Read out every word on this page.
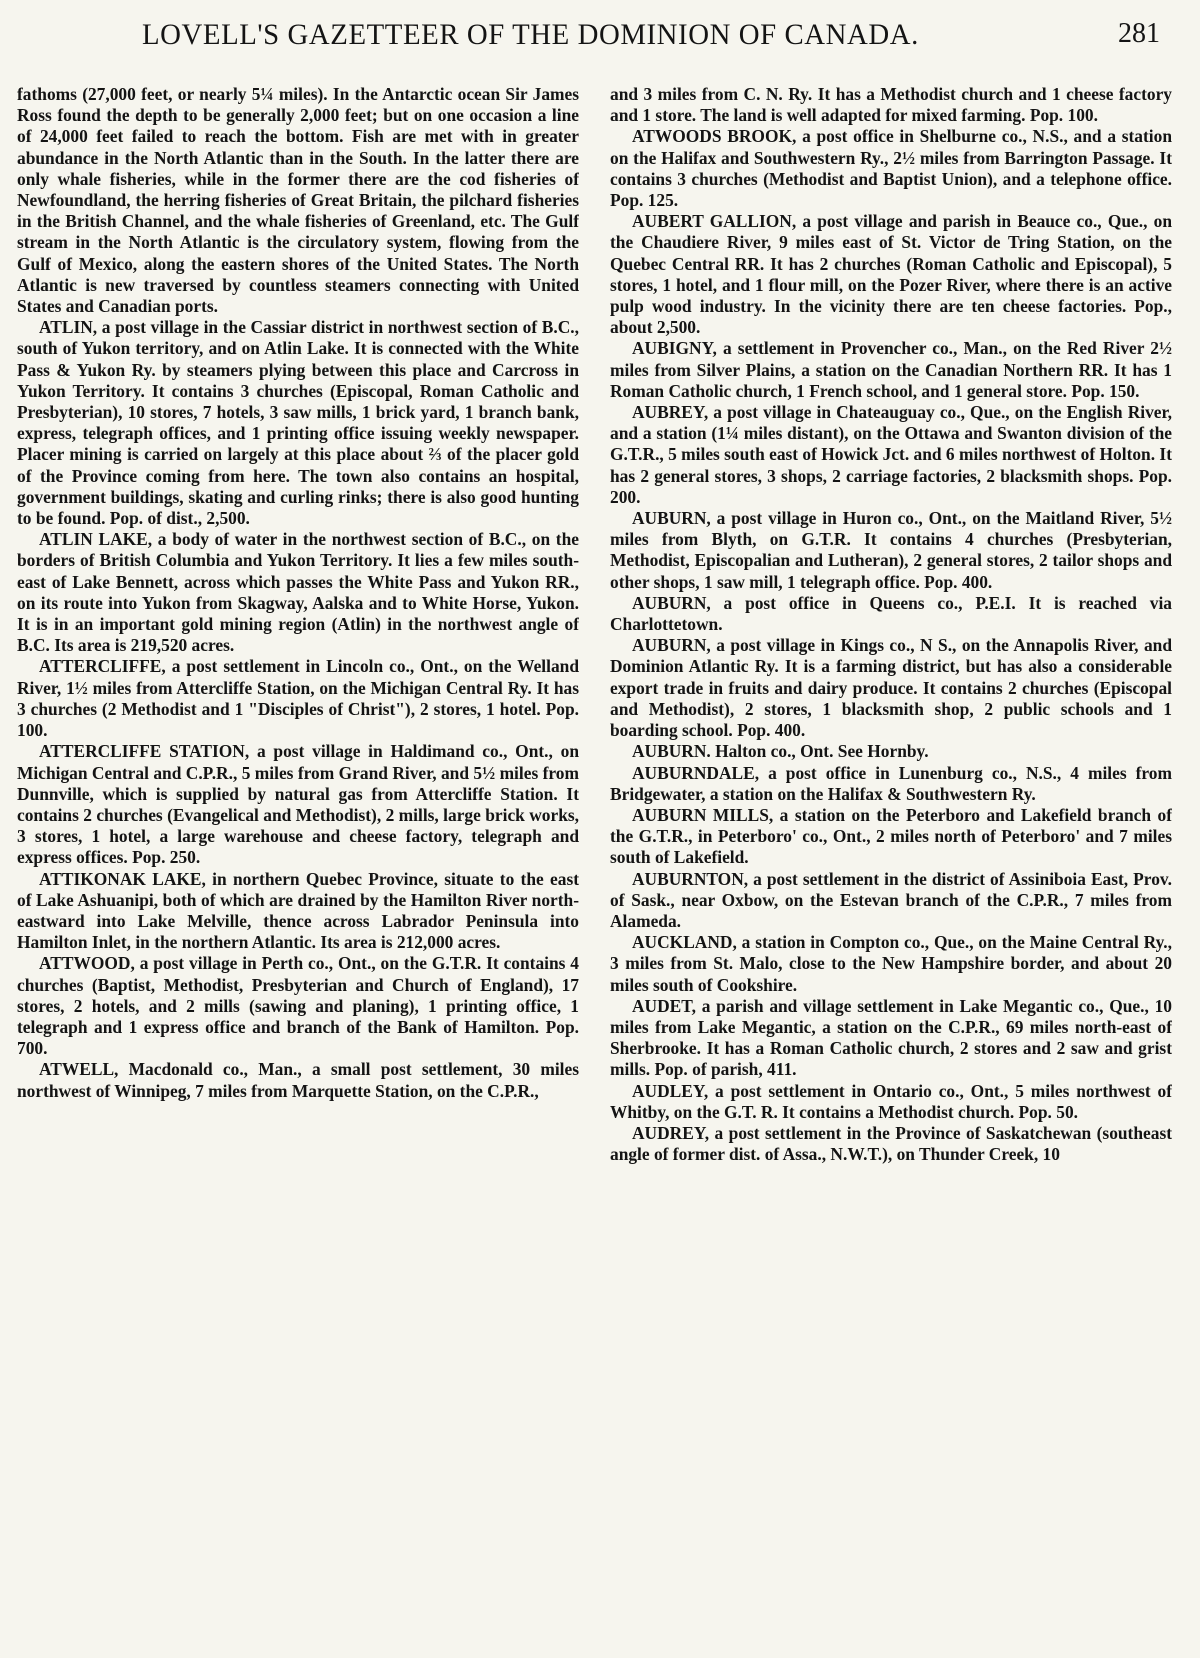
LOVELL'S GAZETTEER OF THE DOMINION OF CANADA.	281

fathoms (27,000 feet, or nearly 5¼ miles). In the Antarctic ocean Sir James Ross found the depth to be generally 2,000 feet; but on one occasion a line of 24,000 feet failed to reach the bottom. Fish are met with in greater abundance in the North Atlantic than in the South. In the latter there are only whale fisheries, while in the former there are the cod fisheries of Newfoundland, the herring fisheries of Great Britain, the pilchard fisheries in the British Channel, and the whale fisheries of Greenland, etc. The Gulf stream in the North Atlantic is the circulatory system, flowing from the Gulf of Mexico, along the eastern shores of the United States. The North Atlantic is new traversed by countless steamers connecting with United States and Canadian ports.

ATLIN, a post village in the Cassiar district in northwest section of B.C., south of Yukon territory, and on Atlin Lake. It is connected with the White Pass & Yukon Ry. by steamers plying between this place and Carcross in Yukon Territory. It contains 3 churches (Episcopal, Roman Catholic and Presbyterian), 10 stores, 7 hotels, 3 saw mills, 1 brick yard, 1 branch bank, express, telegraph offices, and 1 printing office issuing weekly newspaper. Placer mining is carried on largely at this place about ⅔ of the placer gold of the Province coming from here. The town also contains an hospital, government buildings, skating and curling rinks; there is also good hunting to be found. Pop. of dist., 2,500.

ATLIN LAKE, a body of water in the northwest section of B.C., on the borders of British Columbia and Yukon Territory. It lies a few miles south-east of Lake Bennett, across which passes the White Pass and Yukon RR., on its route into Yukon from Skagway, Aalska and to White Horse, Yukon. It is in an important gold mining region (Atlin) in the northwest angle of B.C. Its area is 219,520 acres.

ATTERCLIFFE, a post settlement in Lincoln co., Ont., on the Welland River, 1½ miles from Attercliffe Station, on the Michigan Central Ry. It has 3 churches (2 Methodist and 1 "Disciples of Christ"), 2 stores, 1 hotel. Pop. 100.

ATTERCLIFFE STATION, a post village in Haldimand co., Ont., on Michigan Central and C.P.R., 5 miles from Grand River, and 5½ miles from Dunnville, which is supplied by natural gas from Attercliffe Station. It contains 2 churches (Evangelical and Methodist), 2 mills, large brick works, 3 stores, 1 hotel, a large warehouse and cheese factory, telegraph and express offices. Pop. 250.

ATTIKONAK LAKE, in northern Quebec Province, situate to the east of Lake Ashuanipi, both of which are drained by the Hamilton River north-eastward into Lake Melville, thence across Labrador Peninsula into Hamilton Inlet, in the northern Atlantic. Its area is 212,000 acres.

ATTWOOD, a post village in Perth co., Ont., on the G.T.R. It contains 4 churches (Baptist, Methodist, Presbyterian and Church of England), 17 stores, 2 hotels, and 2 mills (sawing and planing), 1 printing office, 1 telegraph and 1 express office and branch of the Bank of Hamilton. Pop. 700.

ATWELL, Macdonald co., Man., a small post settlement, 30 miles northwest of Winnipeg, 7 miles from Marquette Station, on the C.P.R.,

and 3 miles from C. N. Ry. It has a Methodist church and 1 cheese factory and 1 store. The land is well adapted for mixed farming. Pop. 100.

ATWOODS BROOK, a post office in Shelburne co., N.S., and a station on the Halifax and Southwestern Ry., 2½ miles from Barrington Passage. It contains 3 churches (Methodist and Baptist Union), and a telephone office. Pop. 125.

AUBERT GALLION, a post village and parish in Beauce co., Que., on the Chaudiere River, 9 miles east of St. Victor de Tring Station, on the Quebec Central RR. It has 2 churches (Roman Catholic and Episcopal), 5 stores, 1 hotel, and 1 flour mill, on the Pozer River, where there is an active pulp wood industry. In the vicinity there are ten cheese factories. Pop., about 2,500.

AUBIGNY, a settlement in Provencher co., Man., on the Red River 2½ miles from Silver Plains, a station on the Canadian Northern RR. It has 1 Roman Catholic church, 1 French school, and 1 general store. Pop. 150.

AUBREY, a post village in Chateauguay co., Que., on the English River, and a station (1¼ miles distant), on the Ottawa and Swanton division of the G.T.R., 5 miles south east of Howick Jct. and 6 miles northwest of Holton. It has 2 general stores, 3 shops, 2 carriage factories, 2 blacksmith shops. Pop. 200.

AUBURN, a post village in Huron co., Ont., on the Maitland River, 5½ miles from Blyth, on G.T.R. It contains 4 churches (Presbyterian, Methodist, Episcopalian and Lutheran), 2 general stores, 2 tailor shops and other shops, 1 saw mill, 1 telegraph office. Pop. 400.

AUBURN, a post office in Queens co., P.E.I. It is reached via Charlottetown.

AUBURN, a post village in Kings co., N S., on the Annapolis River, and Dominion Atlantic Ry. It is a farming district, but has also a considerable export trade in fruits and dairy produce. It contains 2 churches (Episcopal and Methodist), 2 stores, 1 blacksmith shop, 2 public schools and 1 boarding school. Pop. 400.

AUBURN. Halton co., Ont. See Hornby.

AUBURNDALE, a post office in Lunenburg co., N.S., 4 miles from Bridgewater, a station on the Halifax & Southwestern Ry.

AUBURN MILLS, a station on the Peterboro and Lakefield branch of the G.T.R., in Peterboro' co., Ont., 2 miles north of Peterboro' and 7 miles south of Lakefield.

AUBURNTON, a post settlement in the district of Assiniboia East, Prov. of Sask., near Oxbow, on the Estevan branch of the C.P.R., 7 miles from Alameda.

AUCKLAND, a station in Compton co., Que., on the Maine Central Ry., 3 miles from St. Malo, close to the New Hampshire border, and about 20 miles south of Cookshire.

AUDET, a parish and village settlement in Lake Megantic co., Que., 10 miles from Lake Megantic, a station on the C.P.R., 69 miles north-east of Sherbrooke. It has a Roman Catholic church, 2 stores and 2 saw and grist mills. Pop. of parish, 411.

AUDLEY, a post settlement in Ontario co., Ont., 5 miles northwest of Whitby, on the G.T. R. It contains a Methodist church. Pop. 50.

AUDREY, a post settlement in the Province of Saskatchewan (southeast angle of former dist. of Assa., N.W.T.), on Thunder Creek, 10
